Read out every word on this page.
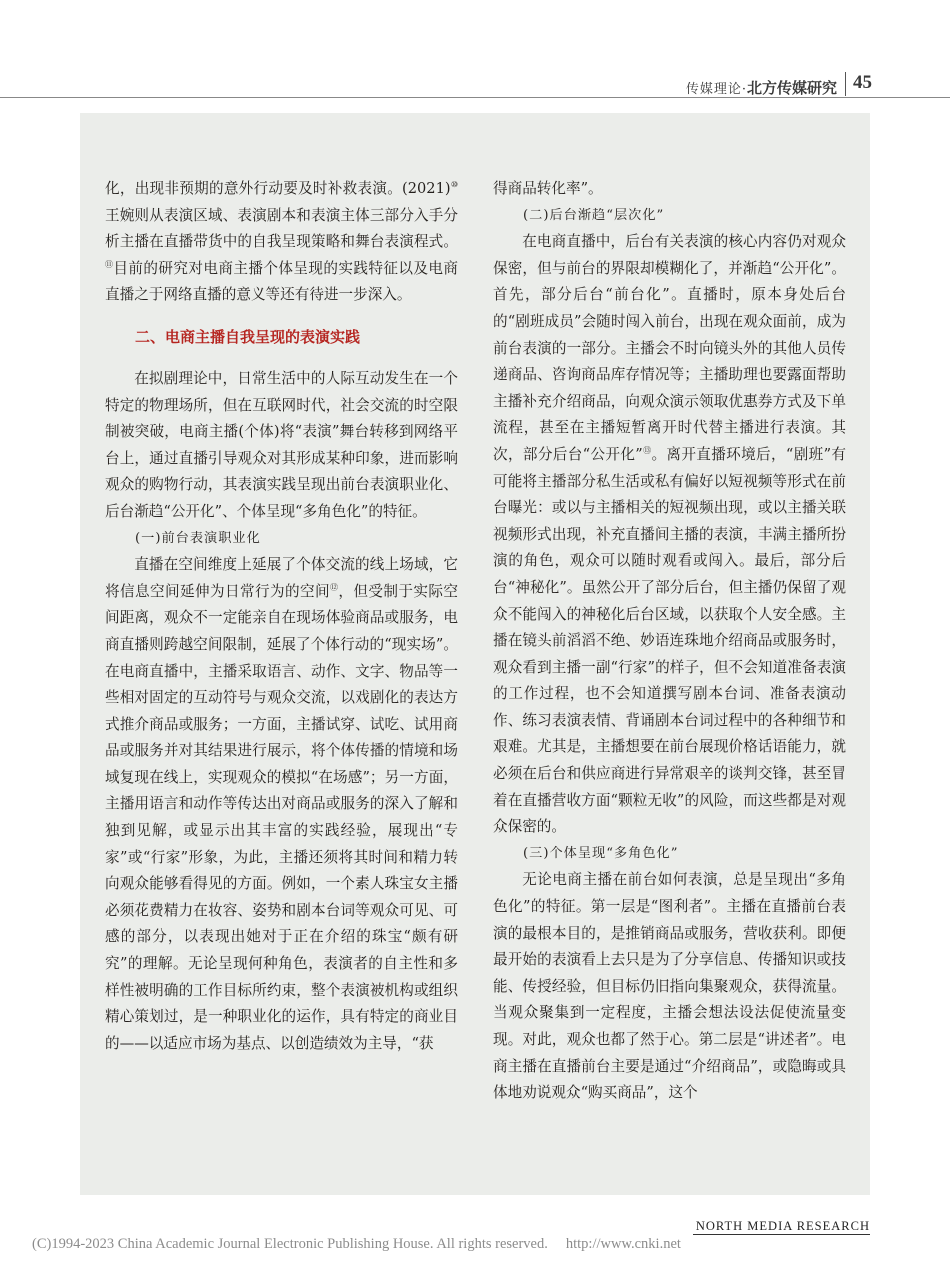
传媒理论·北方传媒研究 45

化，出现非预期的意外行动要及时补救表演。(2021)⑩王婉则从表演区域、表演剧本和表演主体三部分入手分析主播在直播带货中的自我呈现策略和舞台表演程式。⑪目前的研究对电商主播个体呈现的实践特征以及电商直播之于网络直播的意义等还有待进一步深入。

二、电商主播自我呈现的表演实践

在拟剧理论中，日常生活中的人际互动发生在一个特定的物理场所，但在互联网时代，社会交流的时空限制被突破，电商主播(个体)将“表演”舞台转移到网络平台上，通过直播引导观众对其形成某种印象，进而影响观众的购物行动，其表演实践呈现出前台表演职业化、后台渐趋“公开化”、个体呈现“多角色化”的特征。

(一)前台表演职业化

直播在空间维度上延展了个体交流的线上场域，它将信息空间延伸为日常行为的空间⑫，但受制于实际空间距离，观众不一定能亲自在现场体验商品或服务，电商直播则跨越空间限制，延展了个体行动的“现实场”。在电商直播中，主播采取语言、动作、文字、物品等一些相对固定的互动符号与观众交流，以戏剧化的表达方式推介商品或服务；一方面，主播试穿、试吃、试用商品或服务并对其结果进行展示，将个体传播的情境和场域复现在线上，实现观众的模拟“在场感”；另一方面，主播用语言和动作等传达出对商品或服务的深入了解和独到见解，或显示出其丰富的实践经验，展现出“专家”或“行家”形象，为此，主播还须将其时间和精力转向观众能够看得见的方面。例如，一个素人珠宝女主播必须花费精力在妆容、姿势和剧本台词等观众可见、可感的部分，以表现出她对于正在介绍的珠宝“颇有研究”的理解。无论呈现何种角色，表演者的自主性和多样性被明确的工作目标所约束，整个表演被机构或组织精心策划过，是一种职业化的运作，具有特定的商业目的——以适应市场为基点、以创造绩效为主导，“获

得商品转化率”。

(二)后台渐趋“层次化”

在电商直播中，后台有关表演的核心内容仍对观众保密，但与前台的界限却模糊化了，并渐趋“公开化”。首先，部分后台“前台化”。直播时，原本身处后台的“剧班成员”会随时闯入前台，出现在观众面前，成为前台表演的一部分。主播会不时向镜头外的其他人员传递商品、咨询商品库存情况等；主播助理也要露面帮助主播补充介绍商品，向观众演示领取优惠券方式及下单流程，甚至在主播短暂离开时代替主播进行表演。其次，部分后台“公开化”⑬。离开直播环境后，“剧班”有可能将主播部分私生活或私有偏好以短视频等形式在前台曝光：或以与主播相关的短视频出现，或以主播关联视频形式出现，补充直播间主播的表演，丰满主播所扮演的角色，观众可以随时观看或闯入。最后，部分后台“神秘化”。虽然公开了部分后台，但主播仍保留了观众不能闯入的神秘化后台区域，以获取个人安全感。主播在镜头前滔滔不绝、妙语连珠地介绍商品或服务时，观众看到主播一副“行家”的样子，但不会知道准备表演的工作过程，也不会知道撰写剧本台词、准备表演动作、练习表演表情、背诵剧本台词过程中的各种细节和艰难。尤其是，主播想要在前台展现价格话语能力，就必须在后台和供应商进行异常艰辛的谈判交锋，甚至冒着在直播营收方面“颗粒无收”的风险，而这些都是对观众保密的。

(三)个体呈现“多角色化”

无论电商主播在前台如何表演，总是呈现出“多角色化”的特征。第一层是“图利者”。主播在直播前台表演的最根本目的，是推销商品或服务，营收获利。即便最开始的表演看上去只是为了分享信息、传播知识或技能、传授经验，但目标仍旧指向集聚观众，获得流量。当观众聚集到一定程度，主播会想法设法促使流量变现。对此，观众也都了然于心。第二层是“讲述者”。电商主播在直播前台主要是通过“介绍商品”，或隐晦或具体地劝说观众“购买商品”，这个

NORTH MEDIA RESEARCH
(C)1994-2023 China Academic Journal Electronic Publishing House. All rights reserved. http://www.cnki.net
